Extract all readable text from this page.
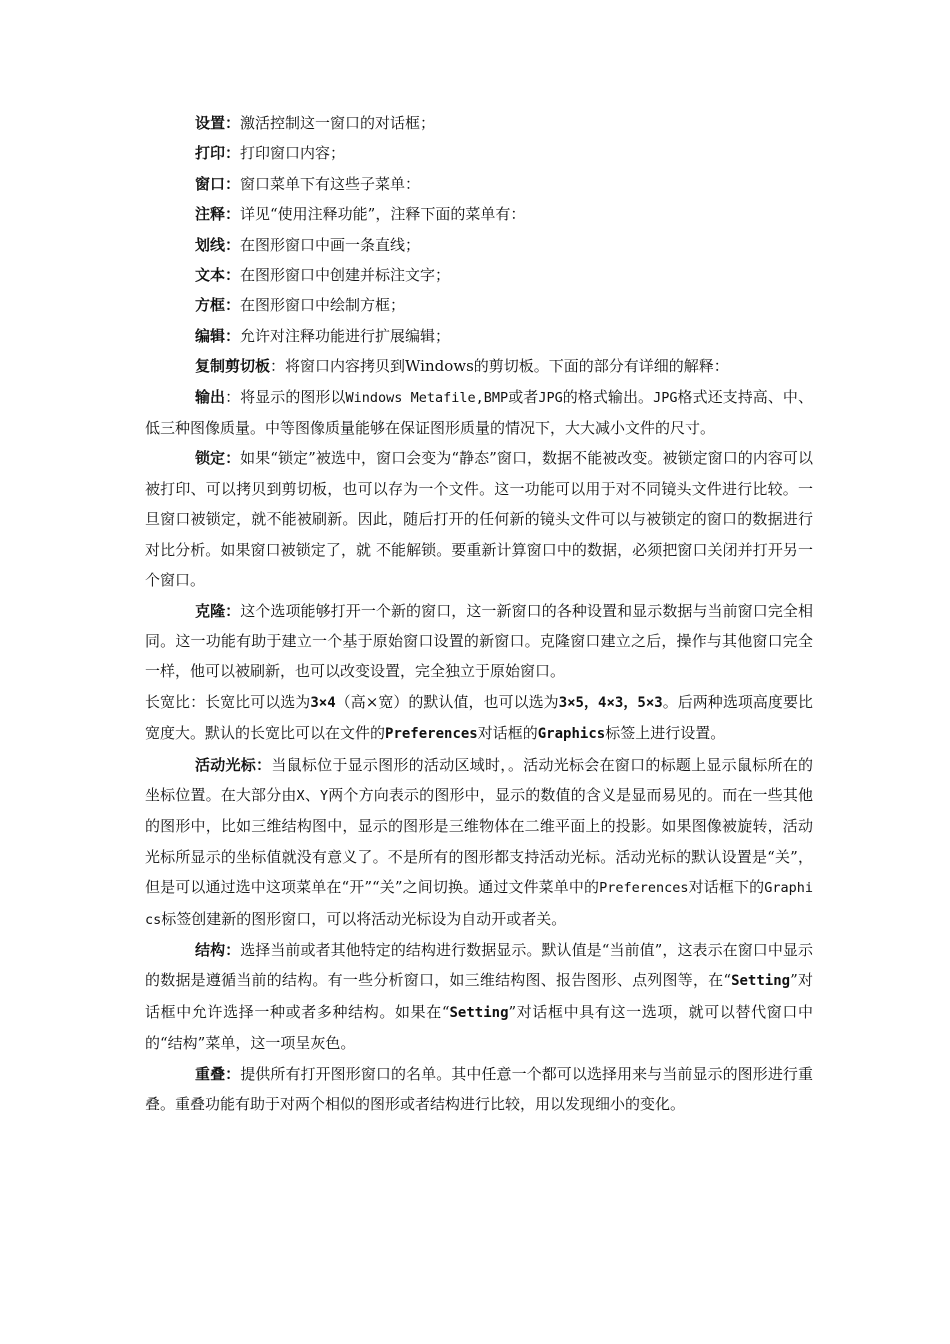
设置：激活控制这一窗口的对话框；

打印：打印窗口内容；

窗口：窗口菜单下有这些子菜单：

注释：详见“使用注释功能”，注释下面的菜单有：

划线：在图形窗口中画一条直线；

文本：在图形窗口中创建并标注文字；

方框：在图形窗口中绘制方框；

编辑：允许对注释功能进行扩展编辑；

复制剪切板：将窗口内容拷贝到Windows的剪切板。下面的部分有详细的解释：

输出：将显示的图形以Windows Metafile,BMP或者JPG的格式输出。JPG格式还支持高、中、低三种图像质量。中等图像质量能够在保证图形质量的情况下，大大减小文件的尺寸。

锁定：如果“锁定”被选中，窗口会变为“静态”窗口，数据不能被改变。被锁定窗口的内容可以被打印、可以拷贝到剪切板，也可以存为一个文件。这一功能可以用于对不同镜头文件进行比较。一旦窗口被锁定，就不能被刷新。因此，随后打开的任何新的镜头文件可以与被锁定的窗口的数据进行对比分析。如果窗口被锁定了，就 不能解锁。要重新计算窗口中的数据，必须把窗口关闭并打开另一个窗口。

克隆：这个选项能够打开一个新的窗口，这一新窗口的各种设置和显示数据与当前窗口完全相同。这一功能有助于建立一个基于原始窗口设置的新窗口。克隆窗口建立之后，操作与其他窗口完全一样，他可以被刷新，也可以改变设置，完全独立于原始窗口。

长宽比：长宽比可以选为3×4（高×宽）的默认值，也可以选为3×5，4×3，5×3。后两种选项高度要比宽度大。默认的长宽比可以在文件的Preferences对话框的Graphics标签上进行设置。

活动光标：当鼠标位于显示图形的活动区域时，。活动光标会在窗口的标题上显示鼠标所在的坐标位置。在大部分由X、Y两个方向表示的图形中，显示的数值的含义是显而易见的。而在一些其他的图形中，比如三维结构图中，显示的图形是三维物体在二维平面上的投影。如果图像被旋转，活动光标所显示的坐标值就没有意义了。不是所有的图形都支持活动光标。活动光标的默认设置是“关”，但是可以通过选中这项菜单在“开”“关”之间切换。通过文件菜单中的Preferences对话框下的Graphics标签创建新的图形窗口，可以将活动光标设为自动开或者关。

结构：选择当前或者其他特定的结构进行数据显示。默认值是“当前值”，这表示在窗口中显示的数据是遵循当前的结构。有一些分析窗口，如三维结构图、报告图形、点列图等，在“Setting”对话框中允许选择一种或者多种结构。如果在“Setting”对话框中具有这一选项，就可以替代窗口中的“结构”菜单，这一项呈灰色。

重叠：提供所有打开图形窗口的名单。其中任意一个都可以选择用来与当前显示的图形进行重叠。重叠功能有助于对两个相似的图形或者结构进行比较，用以发现细小的变化。
